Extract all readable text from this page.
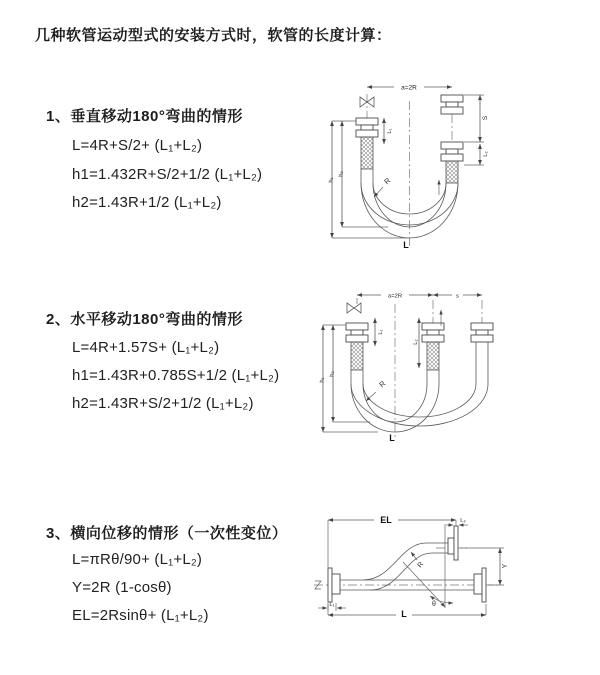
几种软管运动型式的安装方式时，软管的长度计算：
1、垂直移动180°弯曲的情形
L=4R+S/2+ (L₁+L₂)
h1=1.432R+S/2+1/2 (L₁+L₂)
h2=1.43R+1/2 (L₁+L₂)
2、水平移动180°弯曲的情形
L=4R+1.57S+ (L₁+L₂)
h1=1.43R+0.785S+1/2 (L₁+L₂)
h2=1.43R+S/2+1/2 (L₁+L₂)
3、横向位移的情形（一次性变位）
L=πRθ/90+ (L₁+L₂)
Y=2R (1-cosθ)
EL=2Rsinθ+ (L₁+L₂)
a=2R
h₁
h₂
L₁
S
L₂
R
L
a=2R	s
h₁
h₂
L₁
L₂
R
L
EL	L₂
θ
Y
R
L
L₁
